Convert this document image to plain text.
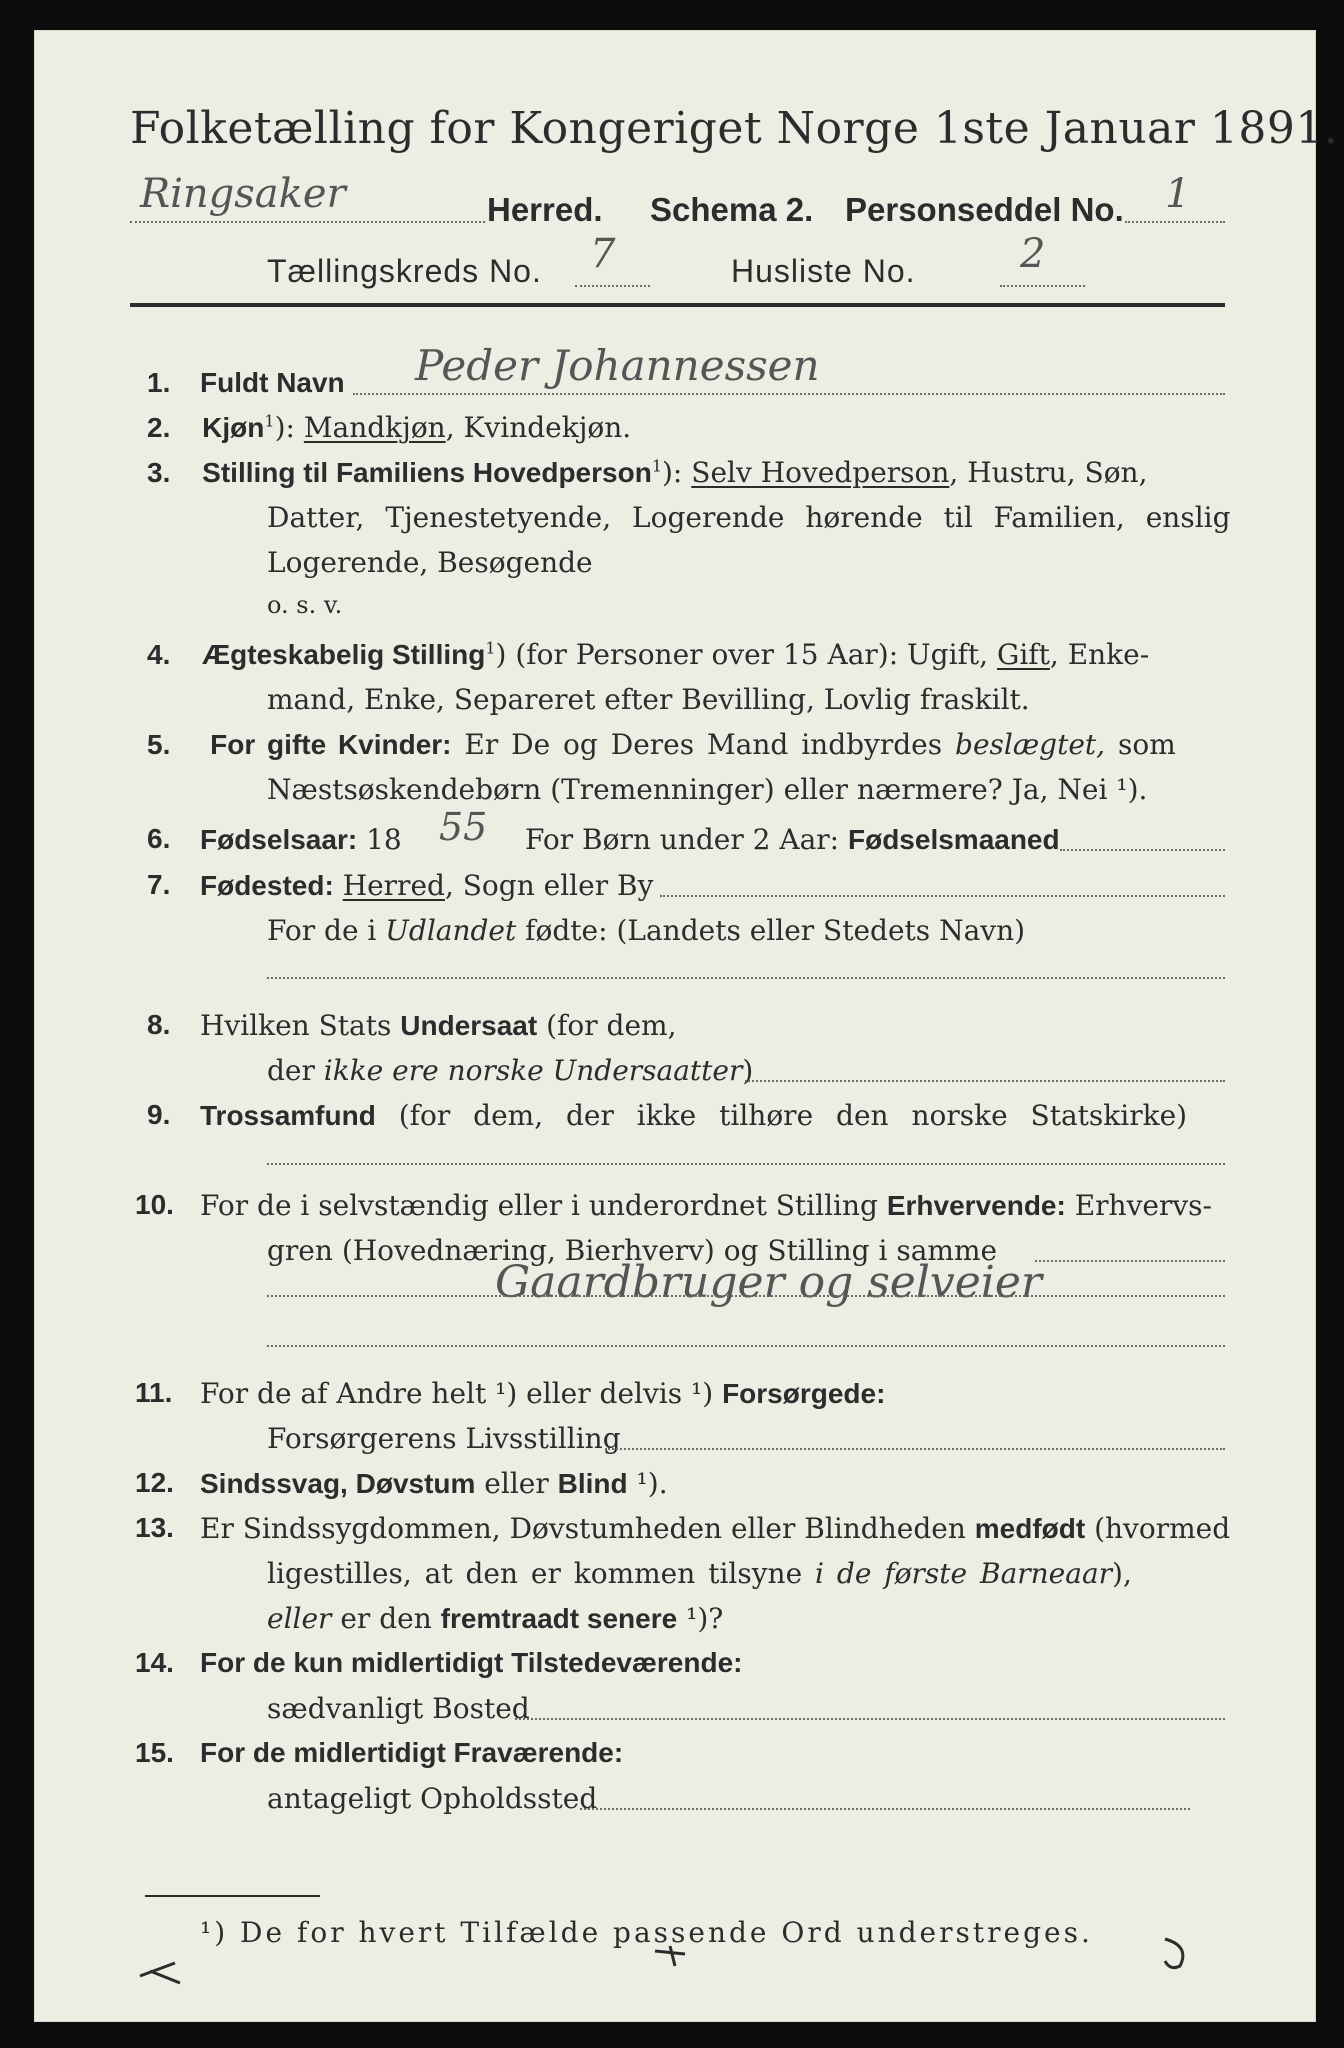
Folketælling for Kongeriget Norge 1ste Januar 1891.
Ringsaker	Herred. Schema 2. Personseddel No. 1
Tællingskreds No. 7	Husliste No.	2
1. Fuldt Navn Peder Johannessen
2. Kjøn$^1$): Mandkjøn, Kvindekjøn.
3. Stilling til Familiens Hovedperson$^1$): Selv Hovedperson, Hustru, Søn,
Datter, Tjenestetyende, Logerende hørende til Familien, enslig
Logerende, Besøgende
o. s. v.
4. Ægteskabelig Stilling$^1$) (for Personer over 15 Aar): Ugift, Gift, Enke-
mand, Enke, Separeret efter Bevilling, Lovlig fraskilt.
5. For gifte Kvinder: Er De og Deres Mand indbyrdes beslægtet, som
Næstsøskendebørn (Tremenninger) eller nærmere? Ja, Nei ¹).
6. Fødselsaar: 18 55 For Børn under 2 Aar: Fødselsmaaned
7. Fødested: Herred, Sogn eller By
For de i Udlandet fødte: (Landets eller Stedets Navn)
8. Hvilken Stats Undersaat (for dem,
der ikke ere norske Undersaatter)
9. Trossamfund (for dem, der ikke tilhøre den norske Statskirke)
10. For de i selvstændig eller i underordnet Stilling Erhvervende: Erhvervs-
gren (Hovednæring, Bierhverv) og Stilling i samme
Gaardbruger og selveier
11. For de af Andre helt ¹) eller delvis ¹) Forsørgede:
Forsørgerens Livsstilling
12. Sindssvag, Døvstum eller Blind ¹).
13. Er Sindssygdommen, Døvstumheden eller Blindheden medfødt (hvormed
ligestilles, at den er kommen tilsyne i de første Barneaar),
eller er den fremtraadt senere ¹)?
14. For de kun midlertidigt Tilstedeværende:
sædvanligt Bosted
15. For de midlertidigt Fraværende:
antageligt Opholdssted
¹) De for hvert Tilfælde passende Ord understreges.
